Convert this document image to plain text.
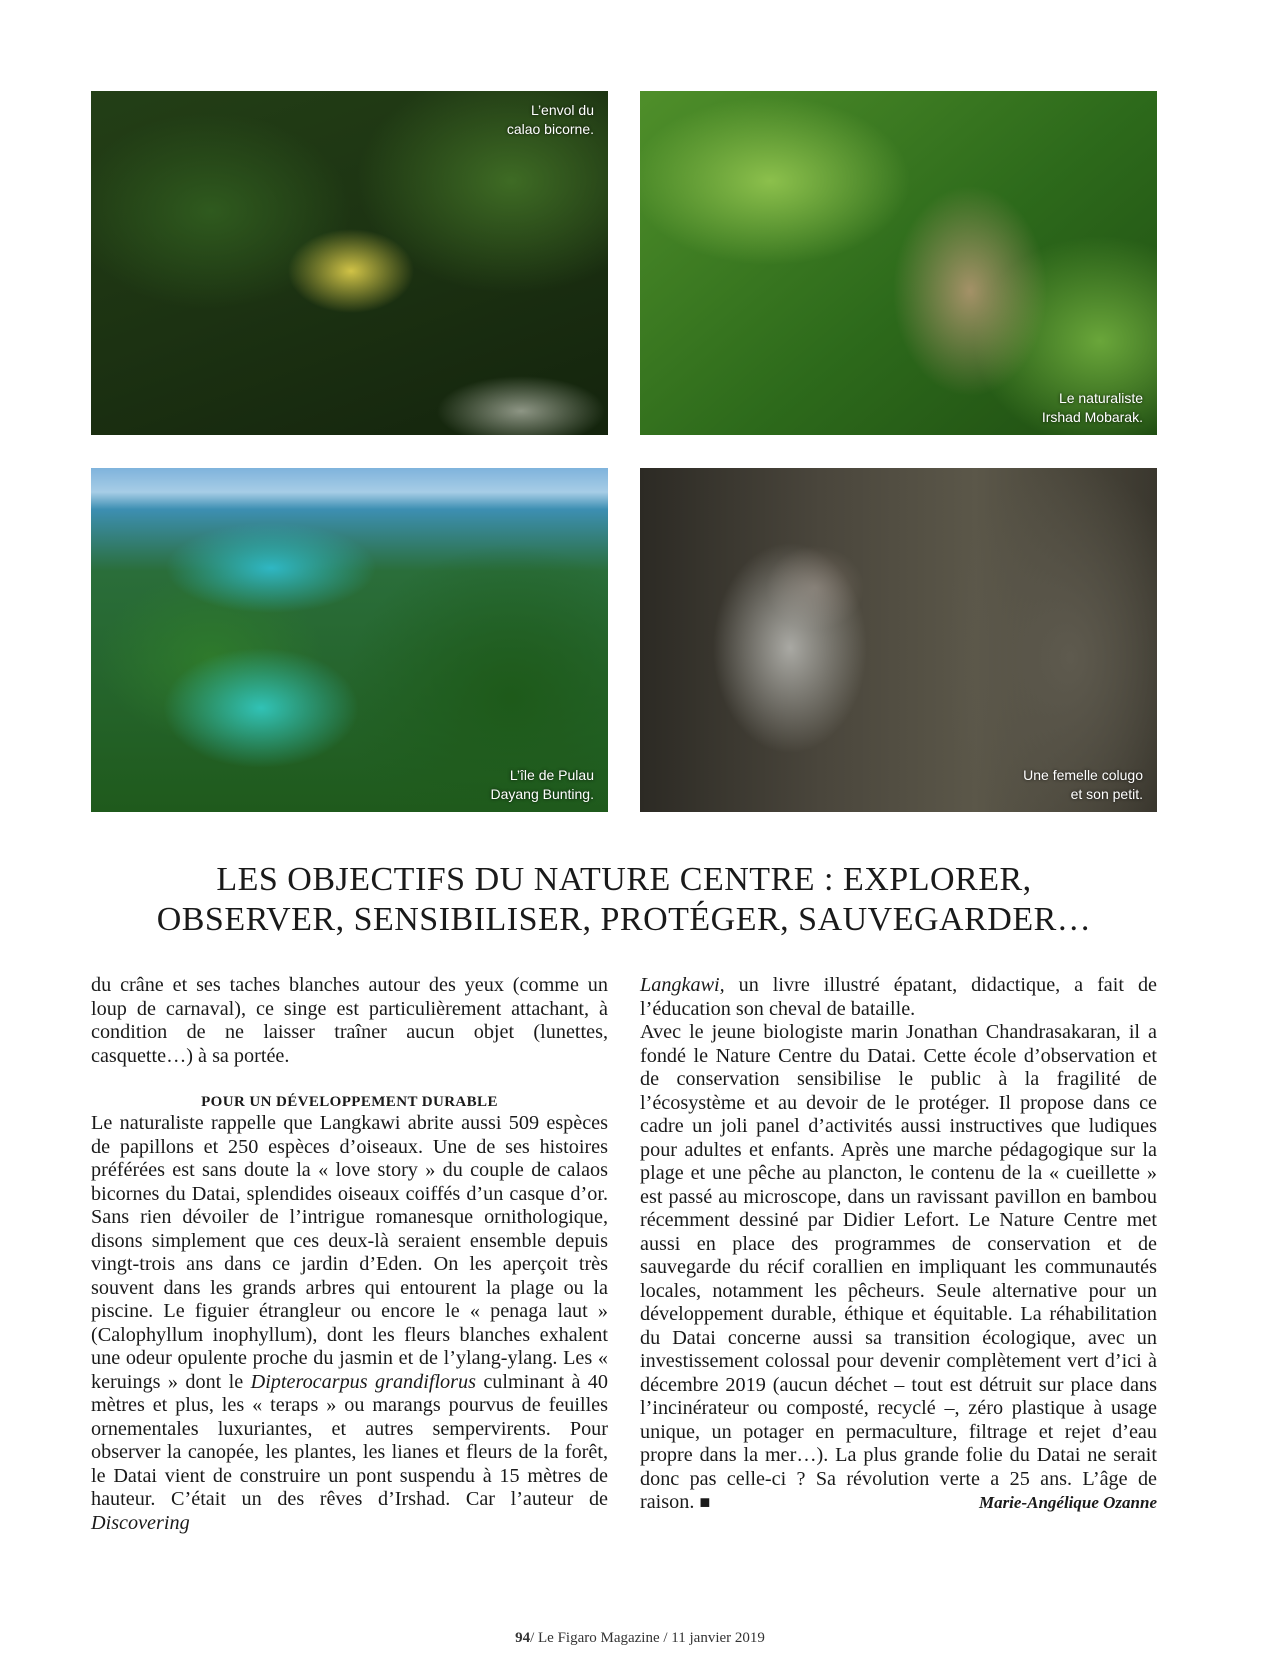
L’envol du
calao bicorne.
Le naturaliste
Irshad Mobarak.
L’île de Pulau
Dayang Bunting.
Une femelle colugo
et son petit.
LES OBJECTIFS DU NATURE CENTRE : EXPLORER,
OBSERVER, SENSIBILISER, PROTÉGER, SAUVEGARDER…

du crâne et ses taches blanches autour des yeux (comme un loup de carnaval), ce singe est particulièrement attachant, à condition de ne laisser traîner aucun objet (lunettes, casquette…) à sa portée.

POUR UN DÉVELOPPEMENT DURABLE

Le naturaliste rappelle que Langkawi abrite aussi 509 espèces de papillons et 250 espèces d’oiseaux. Une de ses histoires préférées est sans doute la « love story » du couple de calaos bicornes du Datai, splendides oiseaux coiffés d’un casque d’or. Sans rien dévoiler de l’intrigue romanesque ornithologique, disons simplement que ces deux-là seraient ensemble depuis vingt-trois ans dans ce jardin d’Eden. On les aperçoit très souvent dans les grands arbres qui entourent la plage ou la piscine. Le figuier étrangleur ou encore le « penaga laut » (Calophyllum inophyllum), dont les fleurs blanches exhalent une odeur opulente proche du jasmin et de l’ylang-ylang. Les « keruings » dont le Dipterocarpus grandiflorus culminant à 40 mètres et plus, les « teraps » ou marangs pourvus de feuilles ornementales luxuriantes, et autres sempervirents. Pour observer la canopée, les plantes, les lianes et fleurs de la forêt, le Datai vient de construire un pont suspendu à 15 mètres de hauteur. C’était un des rêves d’Irshad. Car l’auteur de Discovering

Langkawi, un livre illustré épatant, didactique, a fait de l’éducation son cheval de bataille.

Avec le jeune biologiste marin Jonathan Chandrasakaran, il a fondé le Nature Centre du Datai. Cette école d’observation et de conservation sensibilise le public à la fragilité de l’écosystème et au devoir de le protéger. Il propose dans ce cadre un joli panel d’activités aussi instructives que ludiques pour adultes et enfants. Après une marche pédagogique sur la plage et une pêche au plancton, le contenu de la « cueillette » est passé au microscope, dans un ravissant pavillon en bambou récemment dessiné par Didier Lefort. Le Nature Centre met aussi en place des programmes de conservation et de sauvegarde du récif corallien en impliquant les communautés locales, notamment les pêcheurs. Seule alternative pour un développement durable, éthique et équitable. La réhabilitation du Datai concerne aussi sa transition écologique, avec un investissement colossal pour devenir complètement vert d’ici à décembre 2019 (aucun déchet – tout est détruit sur place dans l’incinérateur ou composté, recyclé –, zéro plastique à usage unique, un potager en permaculture, filtrage et rejet d’eau propre dans la mer…). La plus grande folie du Datai ne serait donc pas celle-ci ? Sa révolution verte a 25 ans. L’âge de raison. ■	Marie-Angélique Ozanne

94/ Le Figaro Magazine / 11 janvier 2019
